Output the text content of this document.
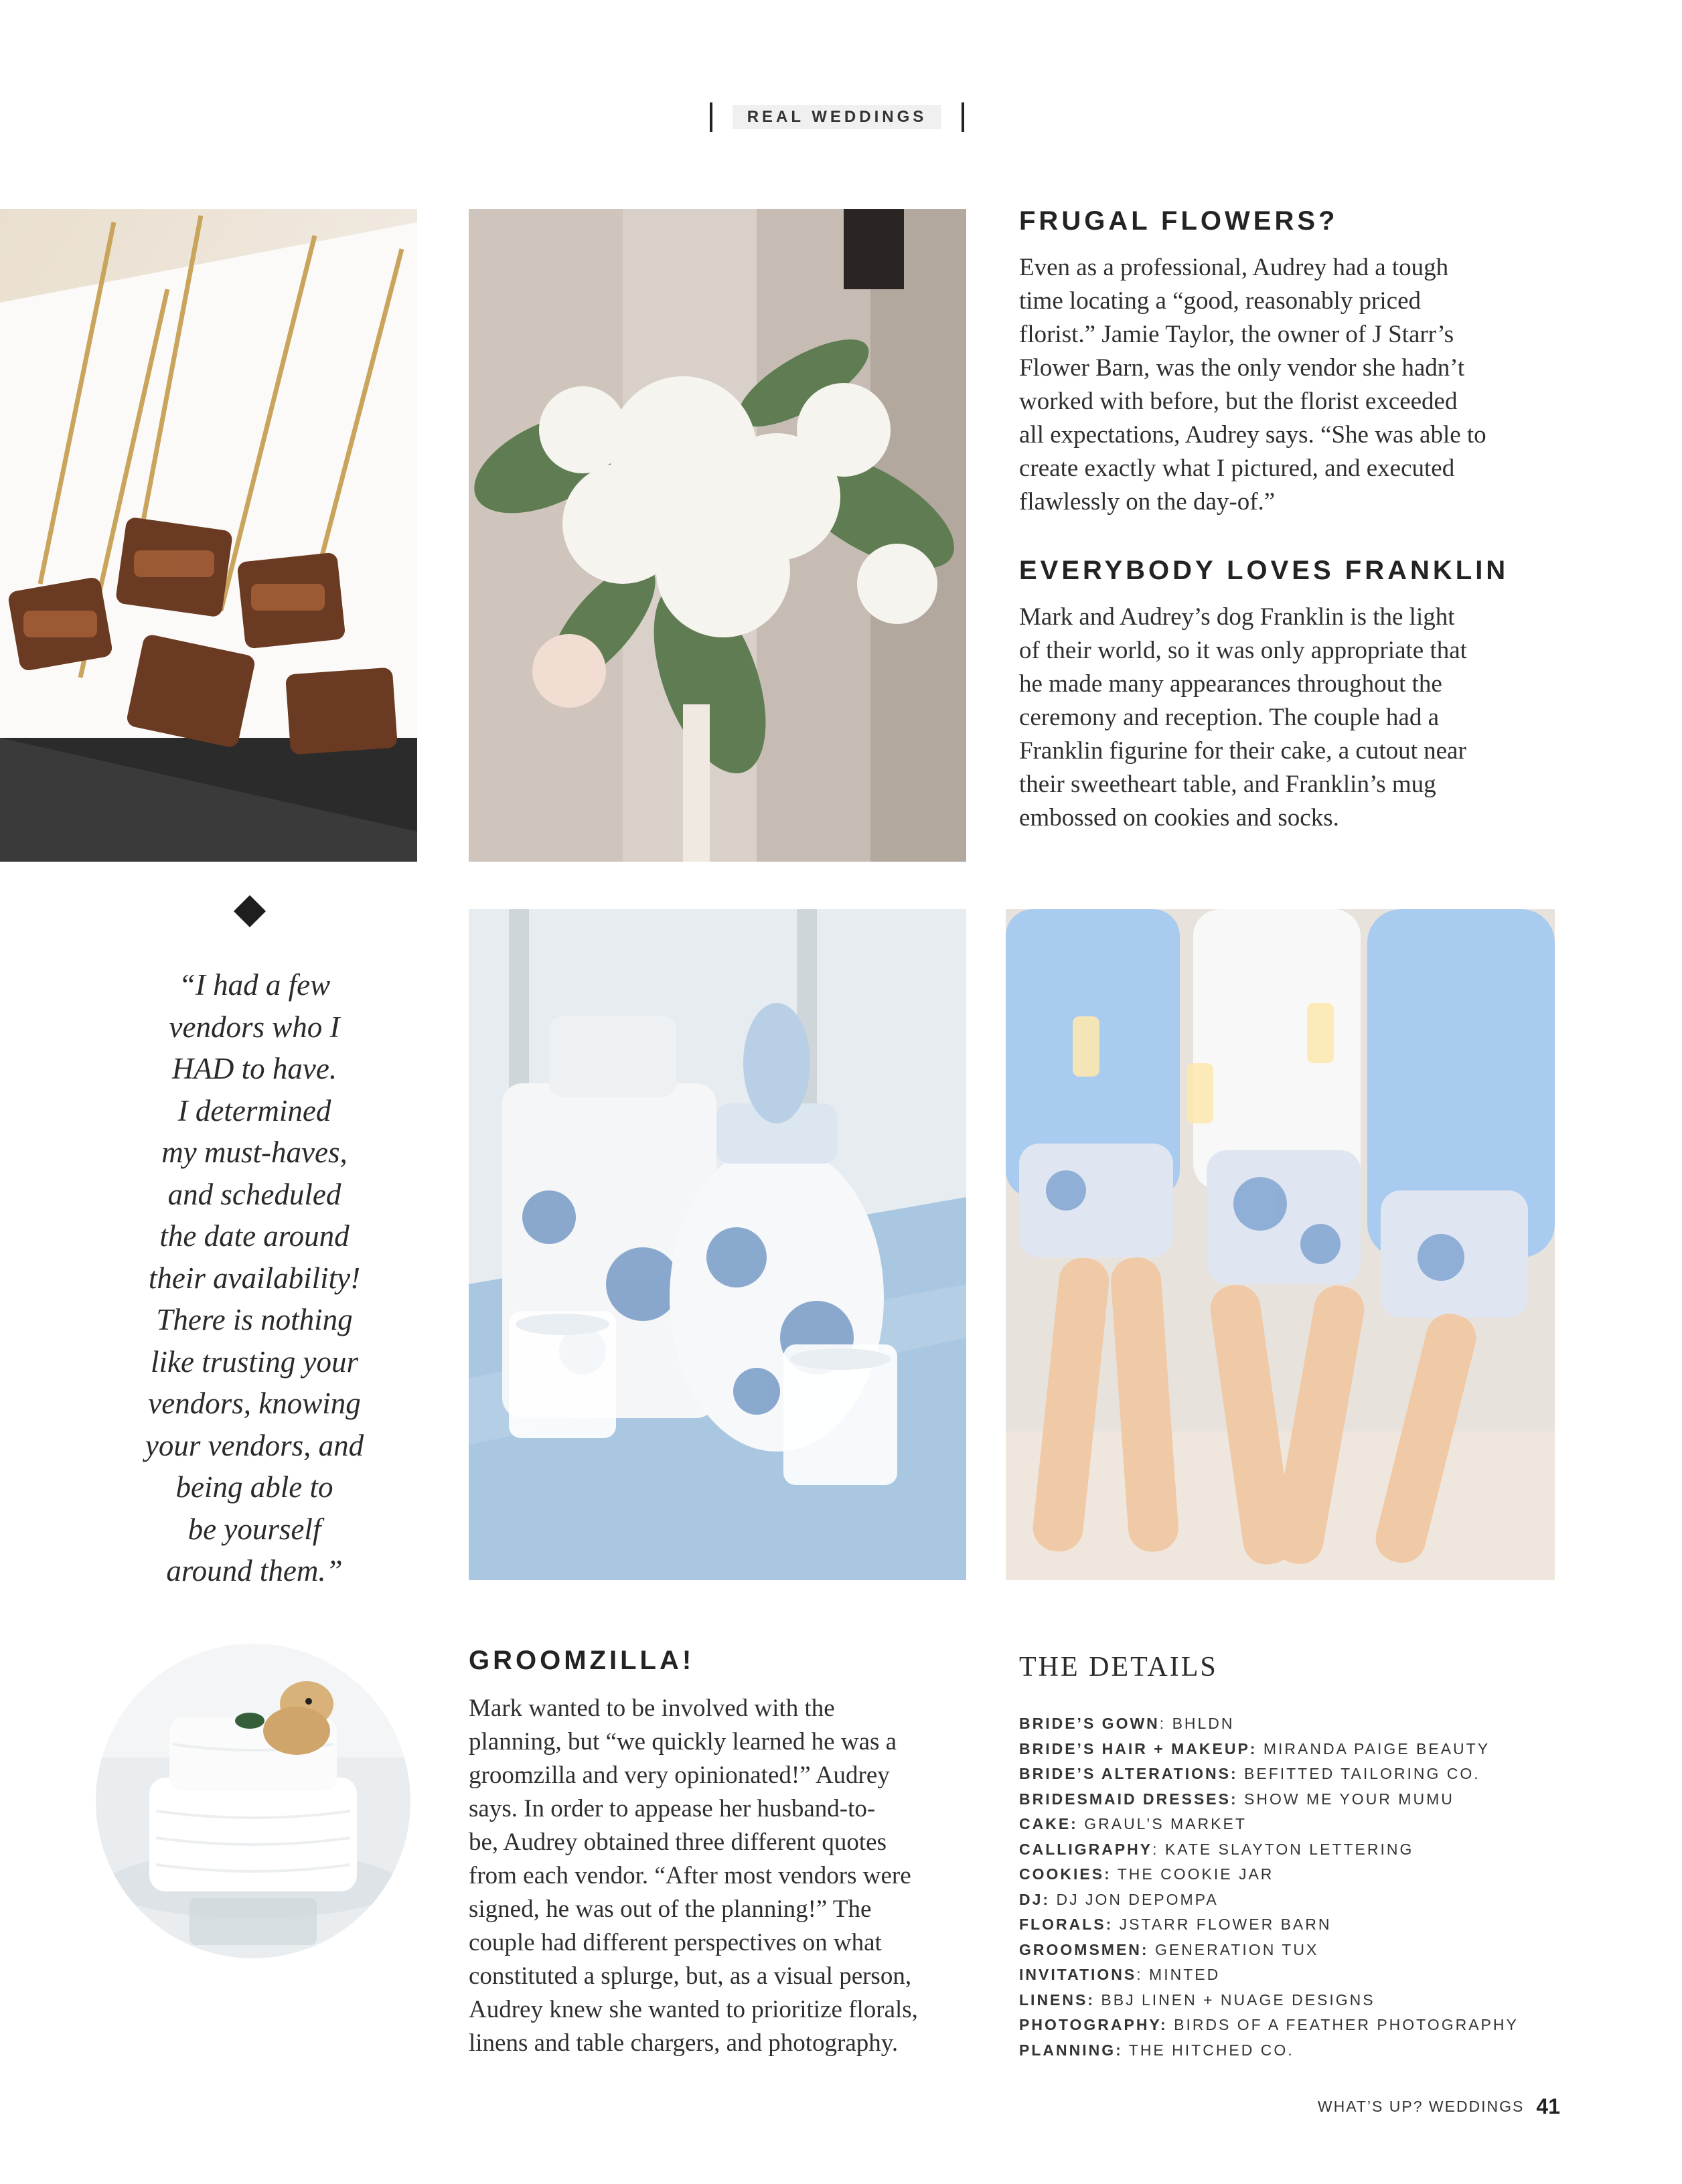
REAL WEDDINGS
“I had a few
vendors who I
HAD to have.
I determined
my must-haves,
and scheduled
the date around
their availability!
There is nothing
like trusting your
vendors, knowing
your vendors, and
being able to
be yourself
around them.”
FRUGAL FLOWERS?
Even as a professional, Audrey had a tough
time locating a “good, reasonably priced
florist.” Jamie Taylor, the owner of J Starr’s
Flower Barn, was the only vendor she hadn’t
worked with before, but the florist exceeded
all expectations, Audrey says. “She was able to
create exactly what I pictured, and executed
flawlessly on the day-of.”
EVERYBODY LOVES FRANKLIN
Mark and Audrey’s dog Franklin is the light
of their world, so it was only appropriate that
he made many appearances throughout the
ceremony and reception. The couple had a
Franklin figurine for their cake, a cutout near
their sweetheart table, and Franklin’s mug
embossed on cookies and socks.
GROOMZILLA!
Mark wanted to be involved with the
planning, but “we quickly learned he was a
groomzilla and very opinionated!” Audrey
says. In order to appease her husband-to-
be, Audrey obtained three different quotes
from each vendor. “After most vendors were
signed, he was out of the planning!” The
couple had different perspectives on what
constituted a splurge, but, as a visual person,
Audrey knew she wanted to prioritize florals,
linens and table chargers, and photography.
THE DETAILS
BRIDE’S GOWN: BHLDN
BRIDE’S HAIR + MAKEUP: MIRANDA PAIGE BEAUTY
BRIDE’S ALTERATIONS: BEFITTED TAILORING CO.
BRIDESMAID DRESSES: SHOW ME YOUR MUMU
CAKE: GRAUL’S MARKET
CALLIGRAPHY: KATE SLAYTON LETTERING
COOKIES: THE COOKIE JAR
DJ: DJ JON DEPOMPA
FLORALS: JSTARR FLOWER BARN
GROOMSMEN: GENERATION TUX
INVITATIONS: MINTED
LINENS: BBJ LINEN + NUAGE DESIGNS
PHOTOGRAPHY: BIRDS OF A FEATHER PHOTOGRAPHY
PLANNING: THE HITCHED CO.
WHAT’S UP? WEDDINGS 41
